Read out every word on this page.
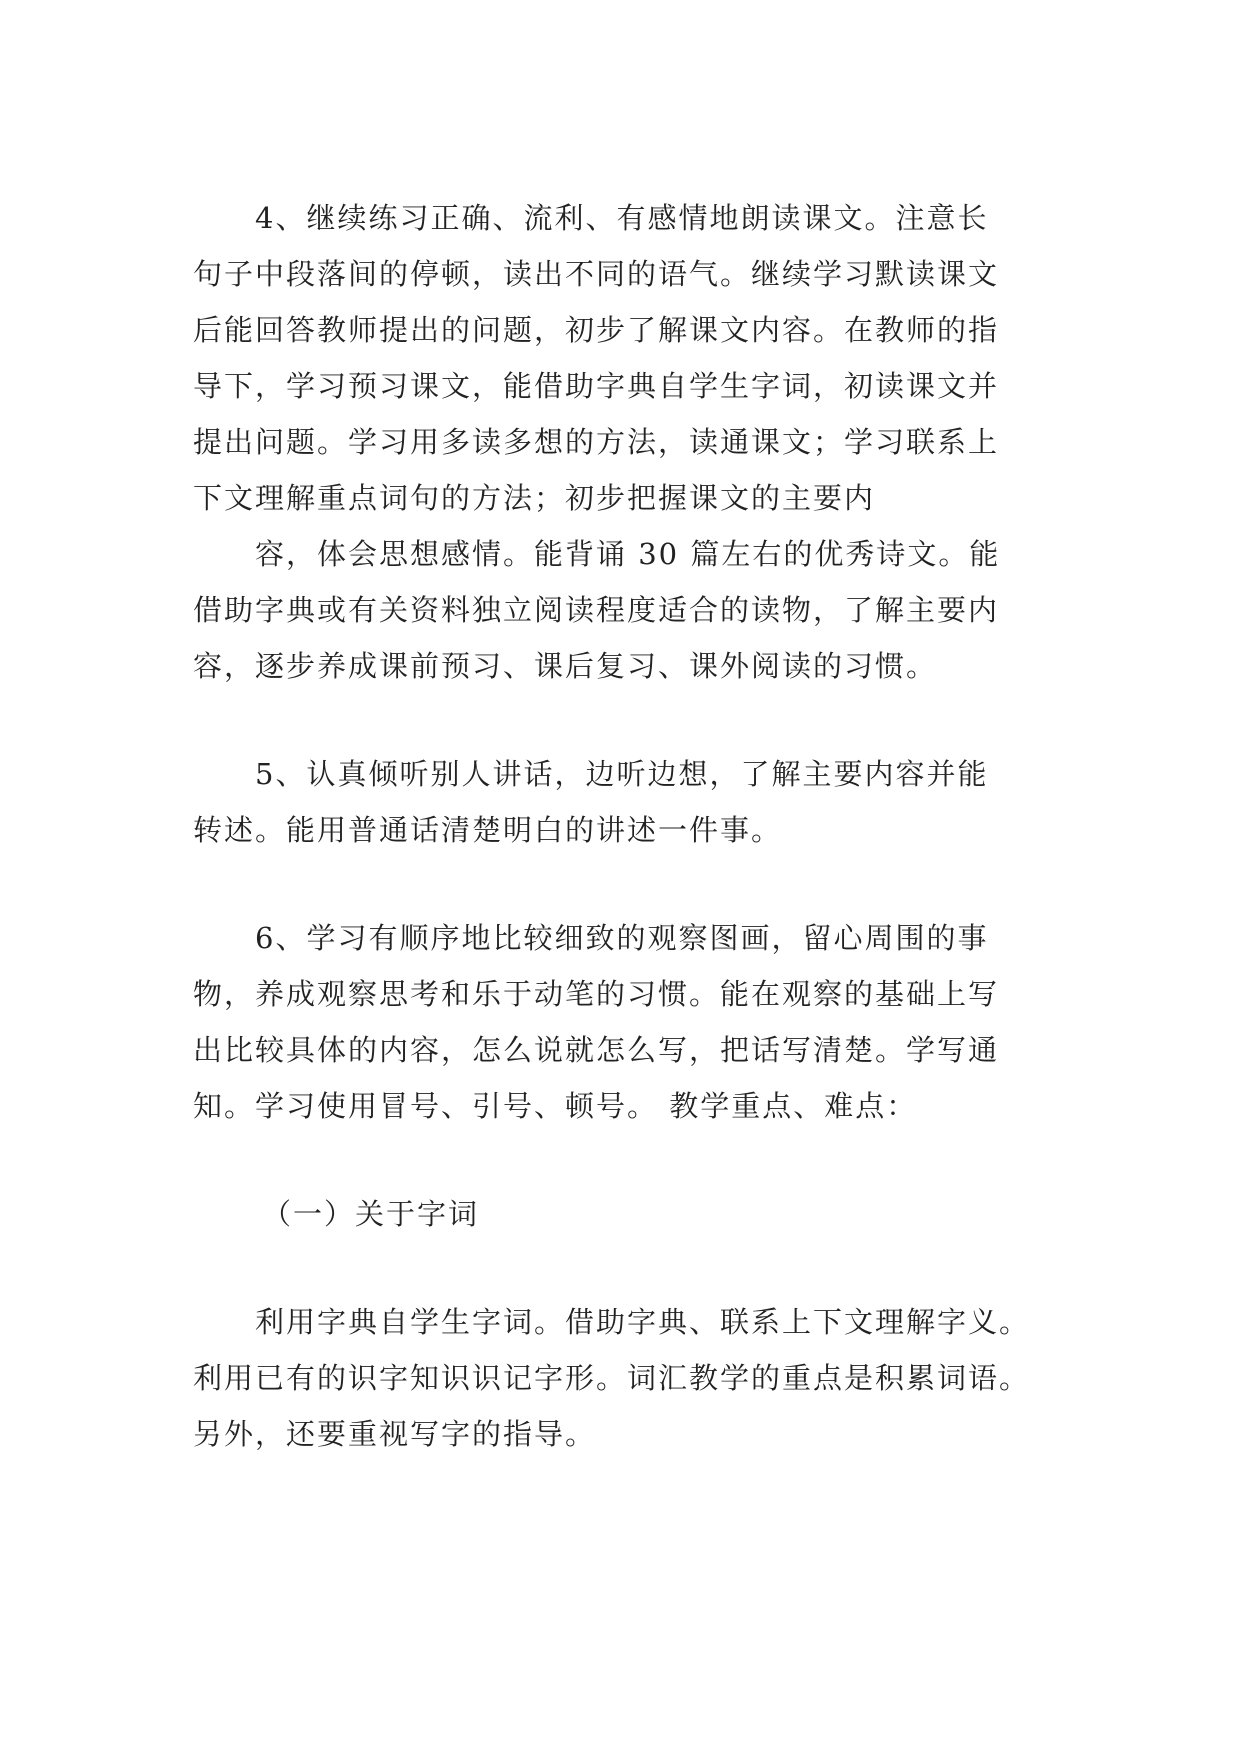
4、继续练习正确、流利、有感情地朗读课文。注意长

句子中段落间的停顿，读出不同的语气。继续学习默读课文

后能回答教师提出的问题，初步了解课文内容。在教师的指

导下，学习预习课文，能借助字典自学生字词，初读课文并

提出问题。学习用多读多想的方法，读通课文；学习联系上

下文理解重点词句的方法；初步把握课文的主要内

容，体会思想感情。能背诵 30 篇左右的优秀诗文。能

借助字典或有关资料独立阅读程度适合的读物，了解主要内

容，逐步养成课前预习、课后复习、课外阅读的习惯。

5、认真倾听别人讲话，边听边想，了解主要内容并能

转述。能用普通话清楚明白的讲述一件事。

6、学习有顺序地比较细致的观察图画，留心周围的事

物，养成观察思考和乐于动笔的习惯。能在观察的基础上写

出比较具体的内容，怎么说就怎么写，把话写清楚。学写通

知。学习使用冒号、引号、顿号。 教学重点、难点：

（一）关于字词

利用字典自学生字词。借助字典、联系上下文理解字义。

利用已有的识字知识识记字形。词汇教学的重点是积累词语。

另外，还要重视写字的指导。
